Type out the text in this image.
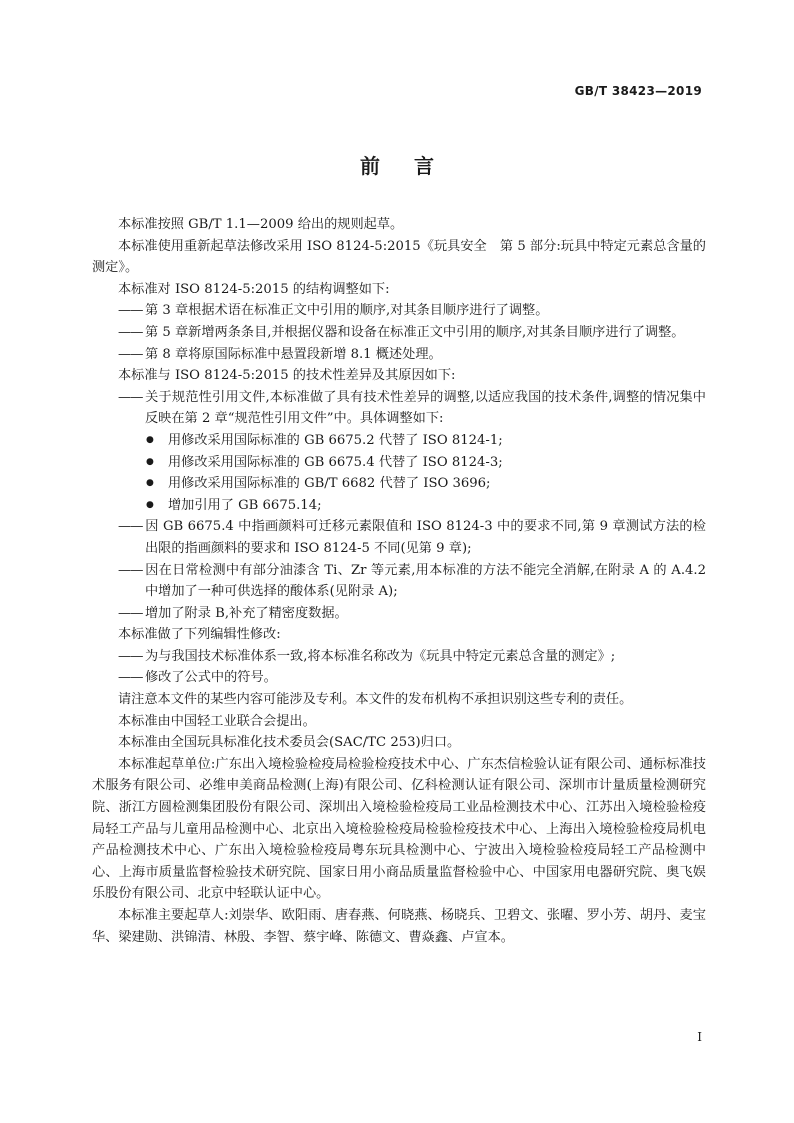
GB/T 38423—2019
前言

本标准按照 GB/T 1.1—2009 给出的规则起草。

本标准使用重新起草法修改采用 ISO 8124-5:2015《玩具安全　第 5 部分:玩具中特定元素总含量的测定》。

本标准对 ISO 8124-5:2015 的结构调整如下:

—— 第 3 章根据术语在标准正文中引用的顺序,对其条目顺序进行了调整。

—— 第 5 章新增两条条目,并根据仪器和设备在标准正文中引用的顺序,对其条目顺序进行了调整。

—— 第 8 章将原国际标准中悬置段新增 8.1 概述处理。

本标准与 ISO 8124-5:2015 的技术性差异及其原因如下:

—— 关于规范性引用文件,本标准做了具有技术性差异的调整,以适应我国的技术条件,调整的情况集中反映在第 2 章“规范性引用文件”中。具体调整如下:

● 用修改采用国际标准的 GB 6675.2 代替了 ISO 8124-1;

● 用修改采用国际标准的 GB 6675.4 代替了 ISO 8124-3;

● 用修改采用国际标准的 GB/T 6682 代替了 ISO 3696;

● 增加引用了 GB 6675.14;

—— 因 GB 6675.4 中指画颜料可迁移元素限值和 ISO 8124-3 中的要求不同,第 9 章测试方法的检出限的指画颜料的要求和 ISO 8124-5 不同(见第 9 章);

—— 因在日常检测中有部分油漆含 Ti、Zr 等元素,用本标准的方法不能完全消解,在附录 A 的 A.4.2中增加了一种可供选择的酸体系(见附录 A);

—— 增加了附录 B,补充了精密度数据。

本标准做了下列编辑性修改:

—— 为与我国技术标准体系一致,将本标准名称改为《玩具中特定元素总含量的测定》;

—— 修改了公式中的符号。

请注意本文件的某些内容可能涉及专利。本文件的发布机构不承担识别这些专利的责任。

本标准由中国轻工业联合会提出。

本标准由全国玩具标准化技术委员会(SAC/TC 253)归口。

本标准起草单位:广东出入境检验检疫局检验检疫技术中心、广东杰信检验认证有限公司、通标标准技术服务有限公司、必维申美商品检测(上海)有限公司、亿科检测认证有限公司、深圳市计量质量检测研究院、浙江方圆检测集团股份有限公司、深圳出入境检验检疫局工业品检测技术中心、江苏出入境检验检疫局轻工产品与儿童用品检测中心、北京出入境检验检疫局检验检疫技术中心、上海出入境检验检疫局机电产品检测技术中心、广东出入境检验检疫局粤东玩具检测中心、宁波出入境检验检疫局轻工产品检测中心、上海市质量监督检验技术研究院、国家日用小商品质量监督检验中心、中国家用电器研究院、奥飞娱乐股份有限公司、北京中轻联认证中心。

本标准主要起草人:刘崇华、欧阳雨、唐春燕、何晓燕、杨晓兵、卫碧文、张曜、罗小芳、胡丹、麦宝华、梁建勋、洪锦清、林殷、李智、蔡宇峰、陈德文、曹焱鑫、卢宣本。

I
